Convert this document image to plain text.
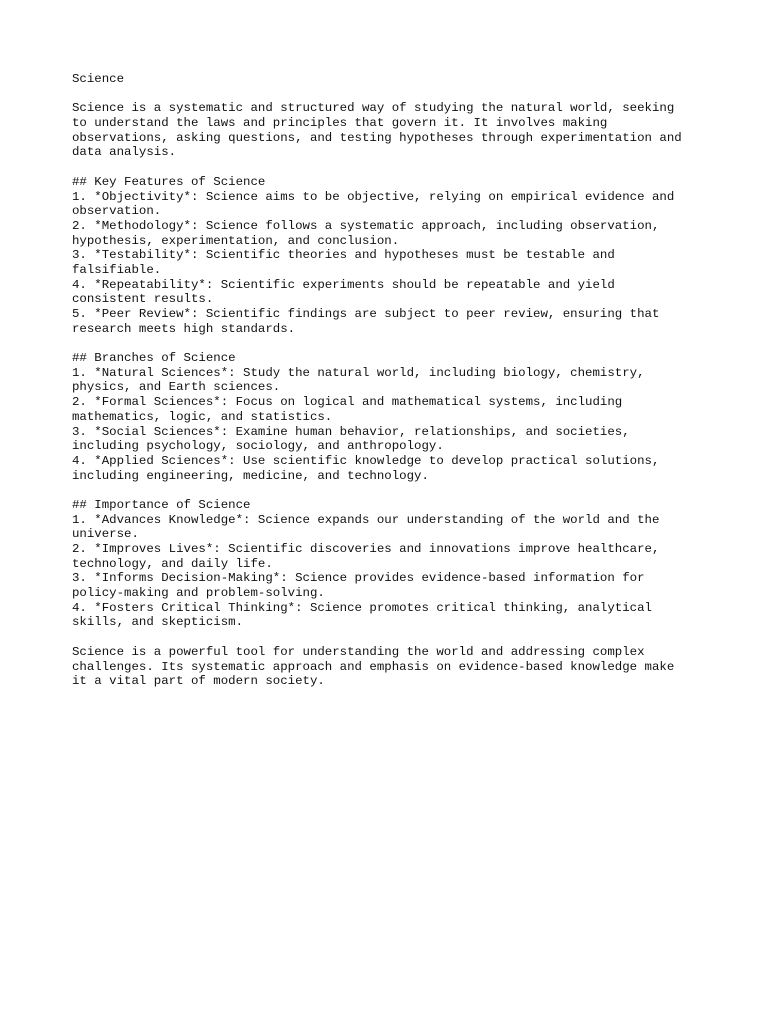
Science
Science is a systematic and structured way of studying the natural world, seeking
to understand the laws and principles that govern it. It involves making
observations, asking questions, and testing hypotheses through experimentation and
data analysis.
## Key Features of Science
1. *Objectivity*: Science aims to be objective, relying on empirical evidence and
observation.
2. *Methodology*: Science follows a systematic approach, including observation,
hypothesis, experimentation, and conclusion.
3. *Testability*: Scientific theories and hypotheses must be testable and
falsifiable.
4. *Repeatability*: Scientific experiments should be repeatable and yield
consistent results.
5. *Peer Review*: Scientific findings are subject to peer review, ensuring that
research meets high standards.
## Branches of Science
1. *Natural Sciences*: Study the natural world, including biology, chemistry,
physics, and Earth sciences.
2. *Formal Sciences*: Focus on logical and mathematical systems, including
mathematics, logic, and statistics.
3. *Social Sciences*: Examine human behavior, relationships, and societies,
including psychology, sociology, and anthropology.
4. *Applied Sciences*: Use scientific knowledge to develop practical solutions,
including engineering, medicine, and technology.
## Importance of Science
1. *Advances Knowledge*: Science expands our understanding of the world and the
universe.
2. *Improves Lives*: Scientific discoveries and innovations improve healthcare,
technology, and daily life.
3. *Informs Decision-Making*: Science provides evidence-based information for
policy-making and problem-solving.
4. *Fosters Critical Thinking*: Science promotes critical thinking, analytical
skills, and skepticism.
Science is a powerful tool for understanding the world and addressing complex
challenges. Its systematic approach and emphasis on evidence-based knowledge make
it a vital part of modern society.
